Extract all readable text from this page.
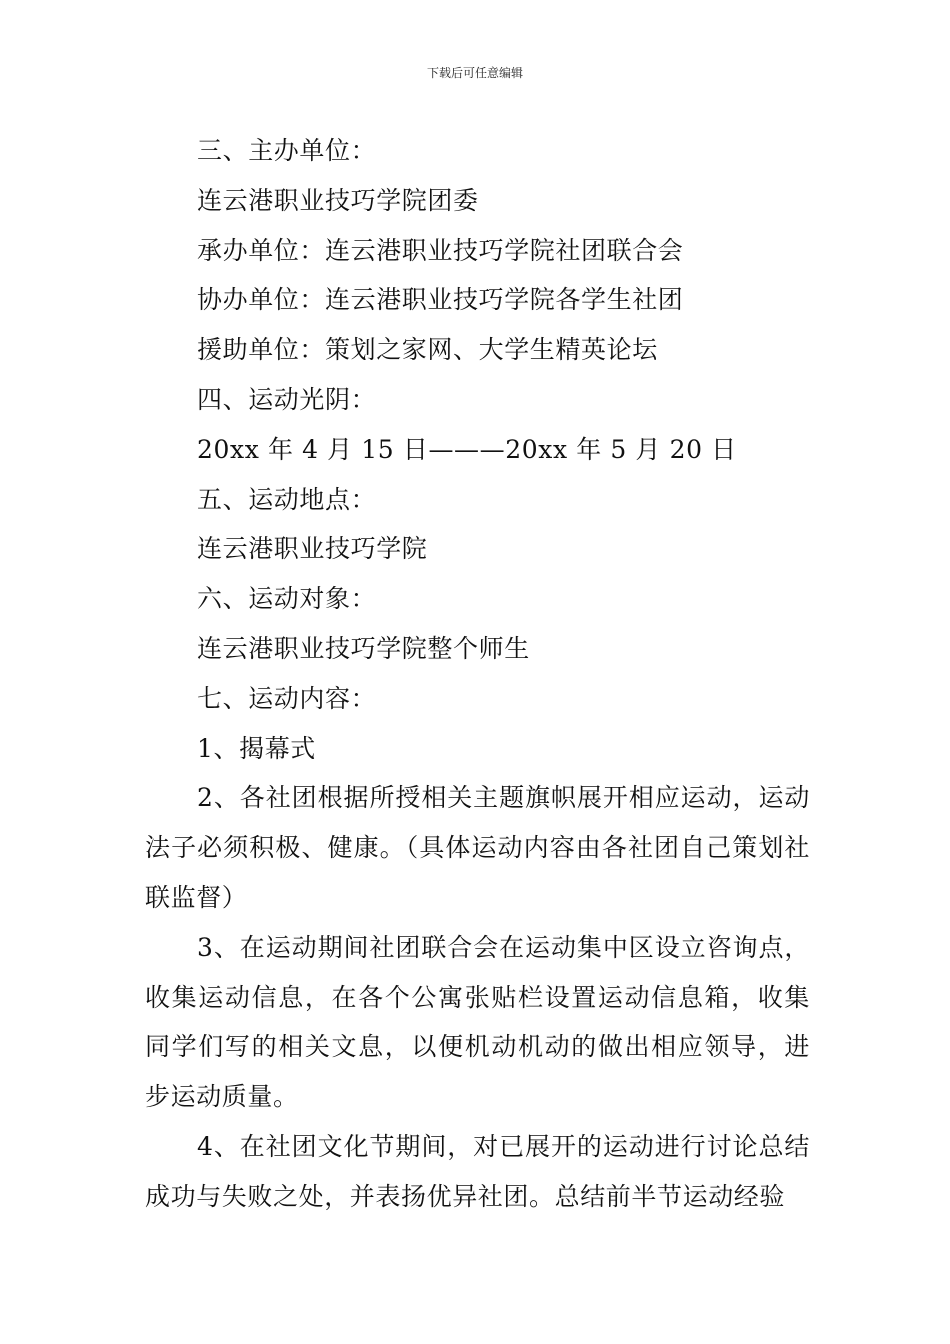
下载后可任意编辑
三、主办单位：
连云港职业技巧学院团委
承办单位：连云港职业技巧学院社团联合会
协办单位：连云港职业技巧学院各学生社团
援助单位：策划之家网、大学生精英论坛
四、运动光阴：
20xx 年 4 月 15 日———20xx 年 5 月 20 日
五、运动地点：
连云港职业技巧学院
六、运动对象：
连云港职业技巧学院整个师生
七、运动内容：
1、揭幕式

2、各社团根据所授相关主题旗帜展开相应运动，运动法子必须积极、健康。（具体运动内容由各社团自己策划社联监督）

3、在运动期间社团联合会在运动集中区设立咨询点，收集运动信息，在各个公寓张贴栏设置运动信息箱，收集同学们写的相关文息，以便机动机动的做出相应领导，进步运动质量。

4、在社团文化节期间，对已展开的运动进行讨论总结成功与失败之处，并表扬优异社团。总结前半节运动经验
